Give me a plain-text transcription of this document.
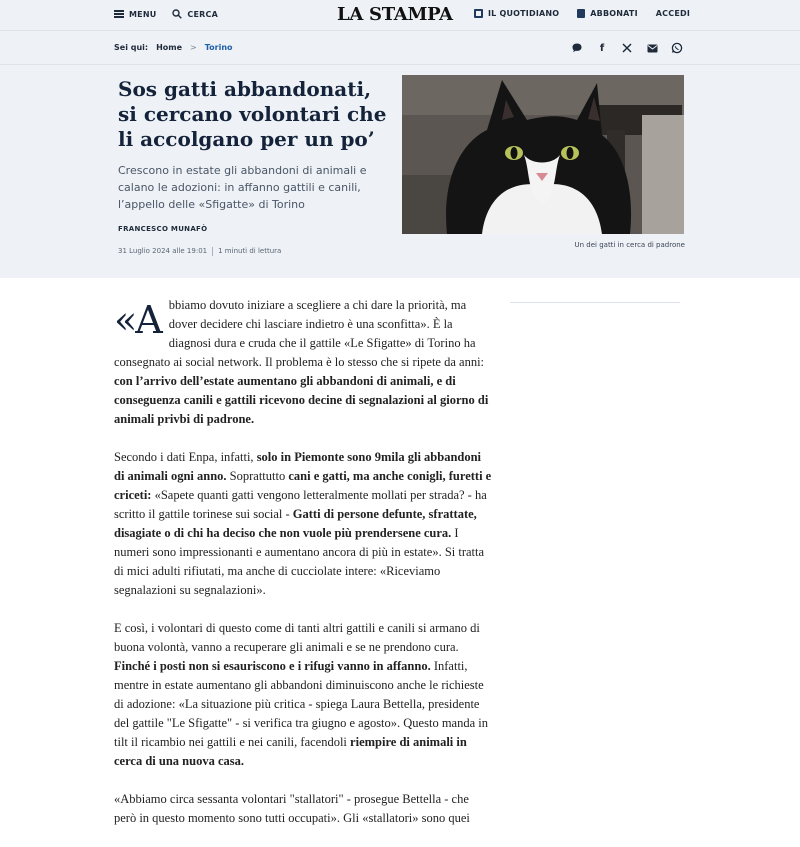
MENU	CERCA	LA STAMPA	IL QUOTIDIANO	ABBONATI ACCEDI
Sei qui: Home > Torino	f
Sos gatti abbandonati, si cercano volontari che li accolgano per un po’
Crescono in estate gli abbandoni di animali e calano le adozioni: in affanno gattili e canili, l’appello delle «Sfigatte» di Torino
FRANCESCO MUNAFÒ
31 Luglio 2024 alle 19:01 1 minuti di lettura
Un dei gatti in cerca di padrone

«Abbiamo dovuto iniziare a scegliere a chi dare la priorità, ma dover decidere chi lasciare indietro è una sconfitta». È la diagnosi dura e cruda che il gattile «Le Sfigatte» di Torino ha consegnato ai social network. Il problema è lo stesso che si ripete da anni: con l’arrivo dell’estate aumentano gli abbandoni di animali, e di conseguenza canili e gattili ricevono decine di segnalazioni al giorno di animali privbi di padrone.

Secondo i dati Enpa, infatti, solo in Piemonte sono 9mila gli abbandoni di animali ogni anno. Soprattutto cani e gatti, ma anche conigli, furetti e criceti: «Sapete quanti gatti vengono letteralmente mollati per strada? - ha scritto il gattile torinese sui social - Gatti di persone defunte, sfrattate, disagiate o di chi ha deciso che non vuole più prendersene cura. I numeri sono impressionanti e aumentano ancora di più in estate». Si tratta di mici adulti rifiutati, ma anche di cucciolate intere: «Riceviamo segnalazioni su segnalazioni».

E così, i volontari di questo come di tanti altri gattili e canili si armano di buona volontà, vanno a recuperare gli animali e se ne prendono cura. Finché i posti non si esauriscono e i rifugi vanno in affanno. Infatti, mentre in estate aumentano gli abbandoni diminuiscono anche le richieste di adozione: «La situazione più critica - spiega Laura Bettella, presidente del gattile "Le Sfigatte" - si verifica tra giugno e agosto». Questo manda in tilt il ricambio nei gattili e nei canili, facendoli riempire di animali in cerca di una nuova casa.

«Abbiamo circa sessanta volontari "stallatori" - prosegue Bettella - che però in questo momento sono tutti occupati». Gli «stallatori» sono quei
